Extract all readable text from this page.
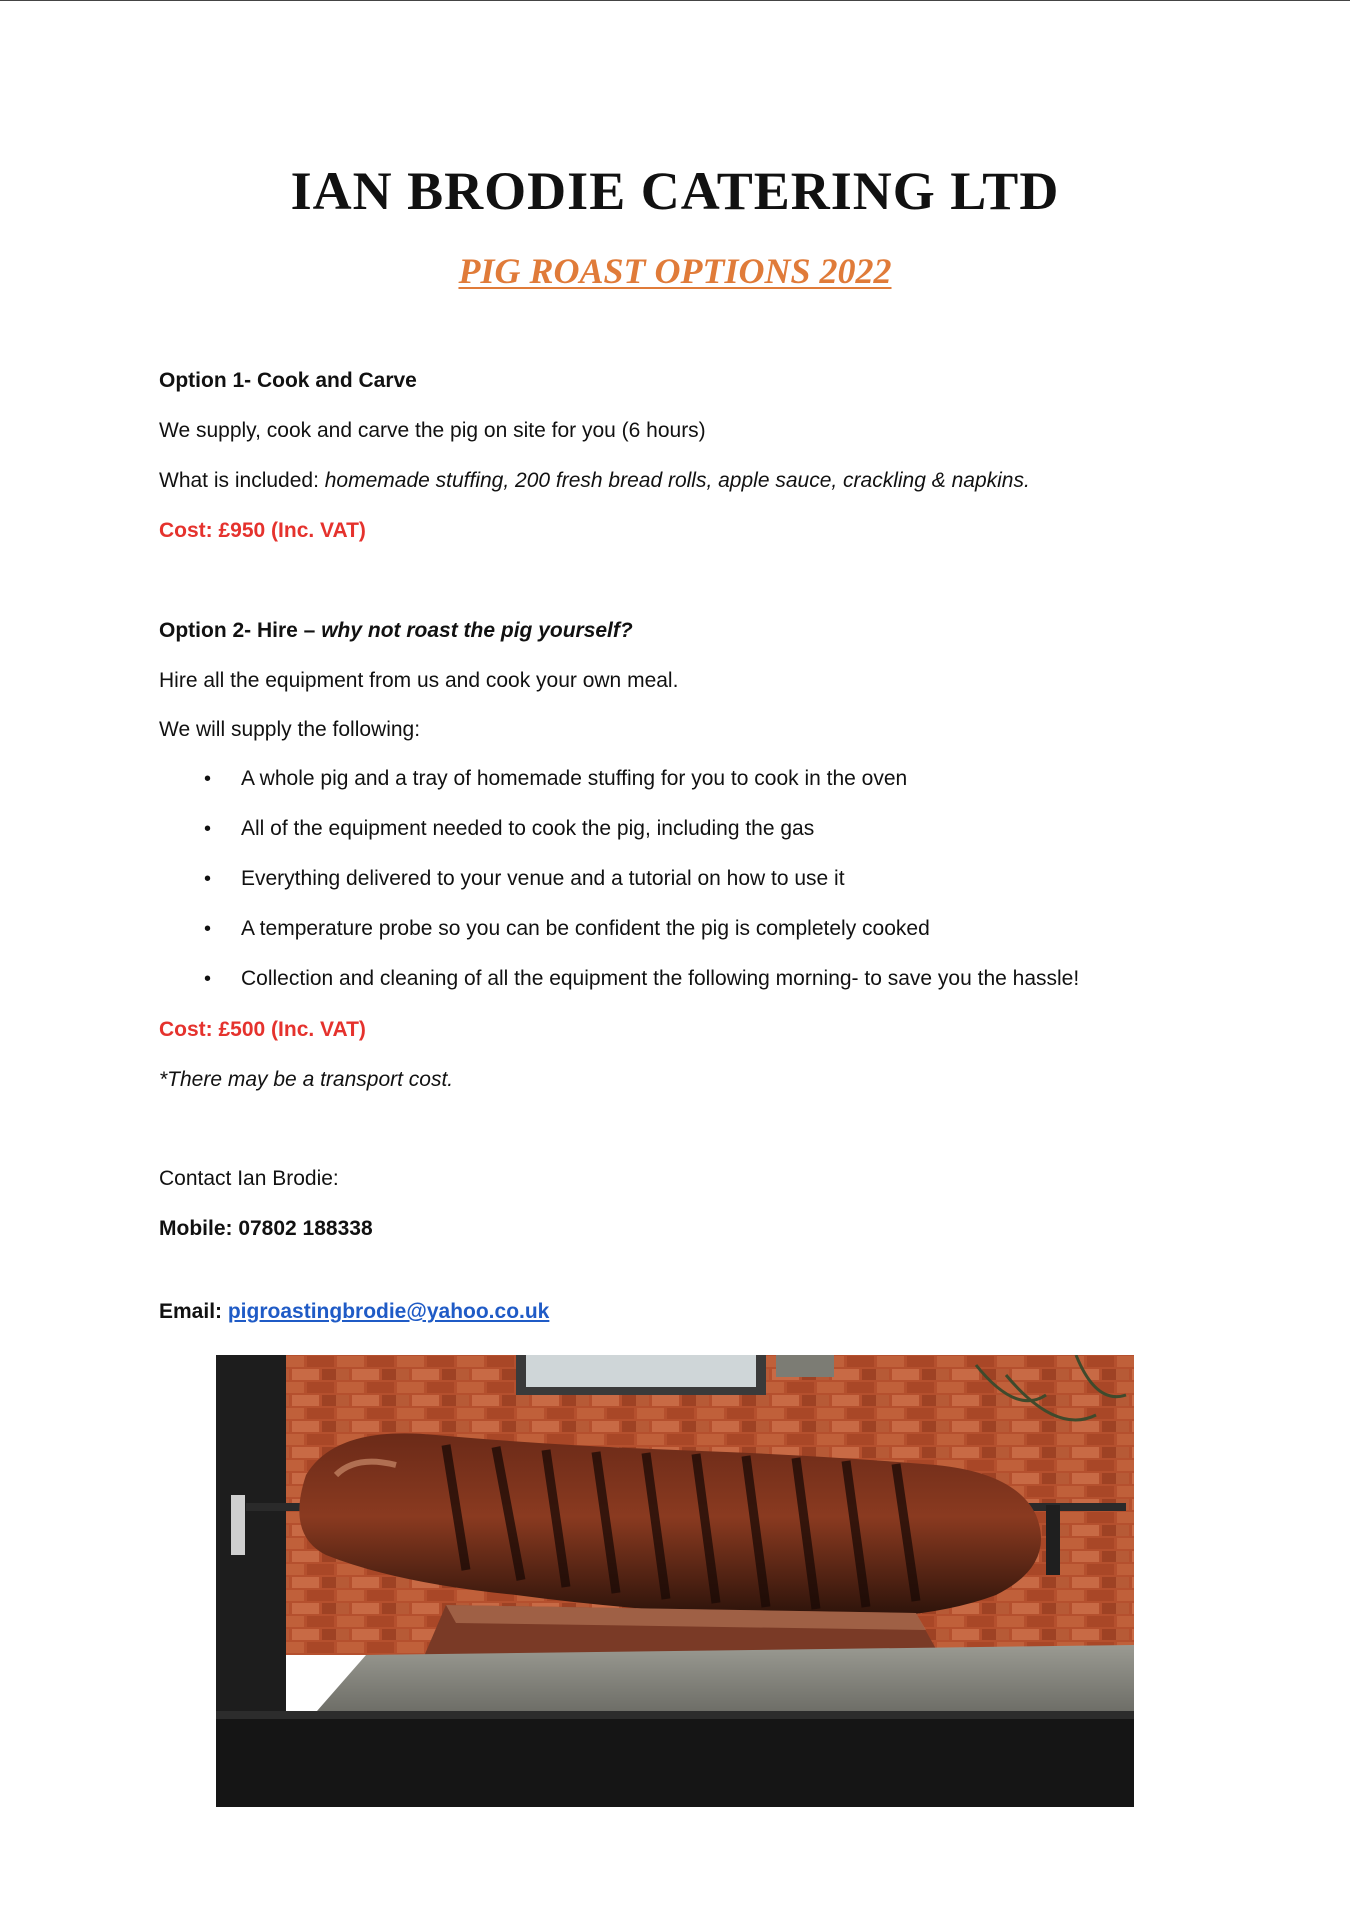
IAN BRODIE CATERING LTD
PIG ROAST OPTIONS 2022
Option 1- Cook and Carve
We supply, cook and carve the pig on site for you (6 hours)
What is included: homemade stuffing, 200 fresh bread rolls, apple sauce, crackling & napkins.
Cost: £950 (Inc. VAT)
Option 2- Hire – why not roast the pig yourself?
Hire all the equipment from us and cook your own meal.
We will supply the following:
• A whole pig and a tray of homemade stuffing for you to cook in the oven
• All of the equipment needed to cook the pig, including the gas
• Everything delivered to your venue and a tutorial on how to use it
• A temperature probe so you can be confident the pig is completely cooked
• Collection and cleaning of all the equipment the following morning- to save you the hassle!
Cost: £500 (Inc. VAT)
*There may be a transport cost.
Contact Ian Brodie:
Mobile: 07802 188338
Email: pigroastingbrodie@yahoo.co.uk
